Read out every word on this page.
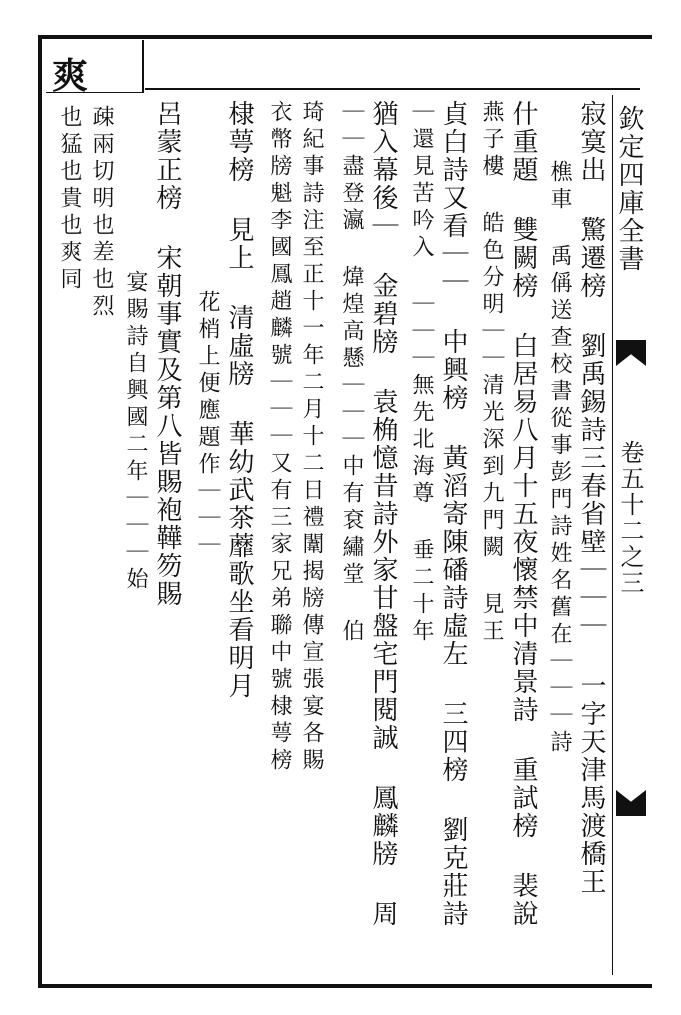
爽
欽定四庫全書
卷五十二之三
寂寞出 驚遷榜 劉禹錫詩三春省壁｜｜｜ 一字天津馬渡橋王
樵車 禹偁送查校書從事彭門詩姓名舊在｜｜｜詩
什重題 雙闕榜 白居易八月十五夜懷禁中清景詩 重試榜 裴說
燕子樓 皓色分明｜｜清光深到九門闕 見王
貞白詩又看｜｜ 中興榜 黃滔寄陳磻詩虛左 三四榜 劉克莊詩
｜還見苦吟入 ｜｜｜無先北海尊 垂二十年
猶入幕後｜ 金碧牓 袁桷憶昔詩外家甘盤宅門閱誠 鳳麟牓 周
｜｜盡登瀛 煒煌高懸｜｜｜中有袞繡堂 伯
琦紀事詩注至正十一年二月十二日禮闈揭牓傳宣張宴各賜
衣幣牓魁李國鳳趙麟號｜｜｜又有三家兄弟聯中號棣萼榜
棣萼榜 見上 清虛牓 華幼武茶蘼歌坐看明月
花梢上便應題作｜｜｜
呂蒙正榜 宋朝事實及第八皆賜袍鞾笏賜
宴賜詩自興國二年｜｜｜始
疎兩切明也差也烈
也猛也貴也爽同
